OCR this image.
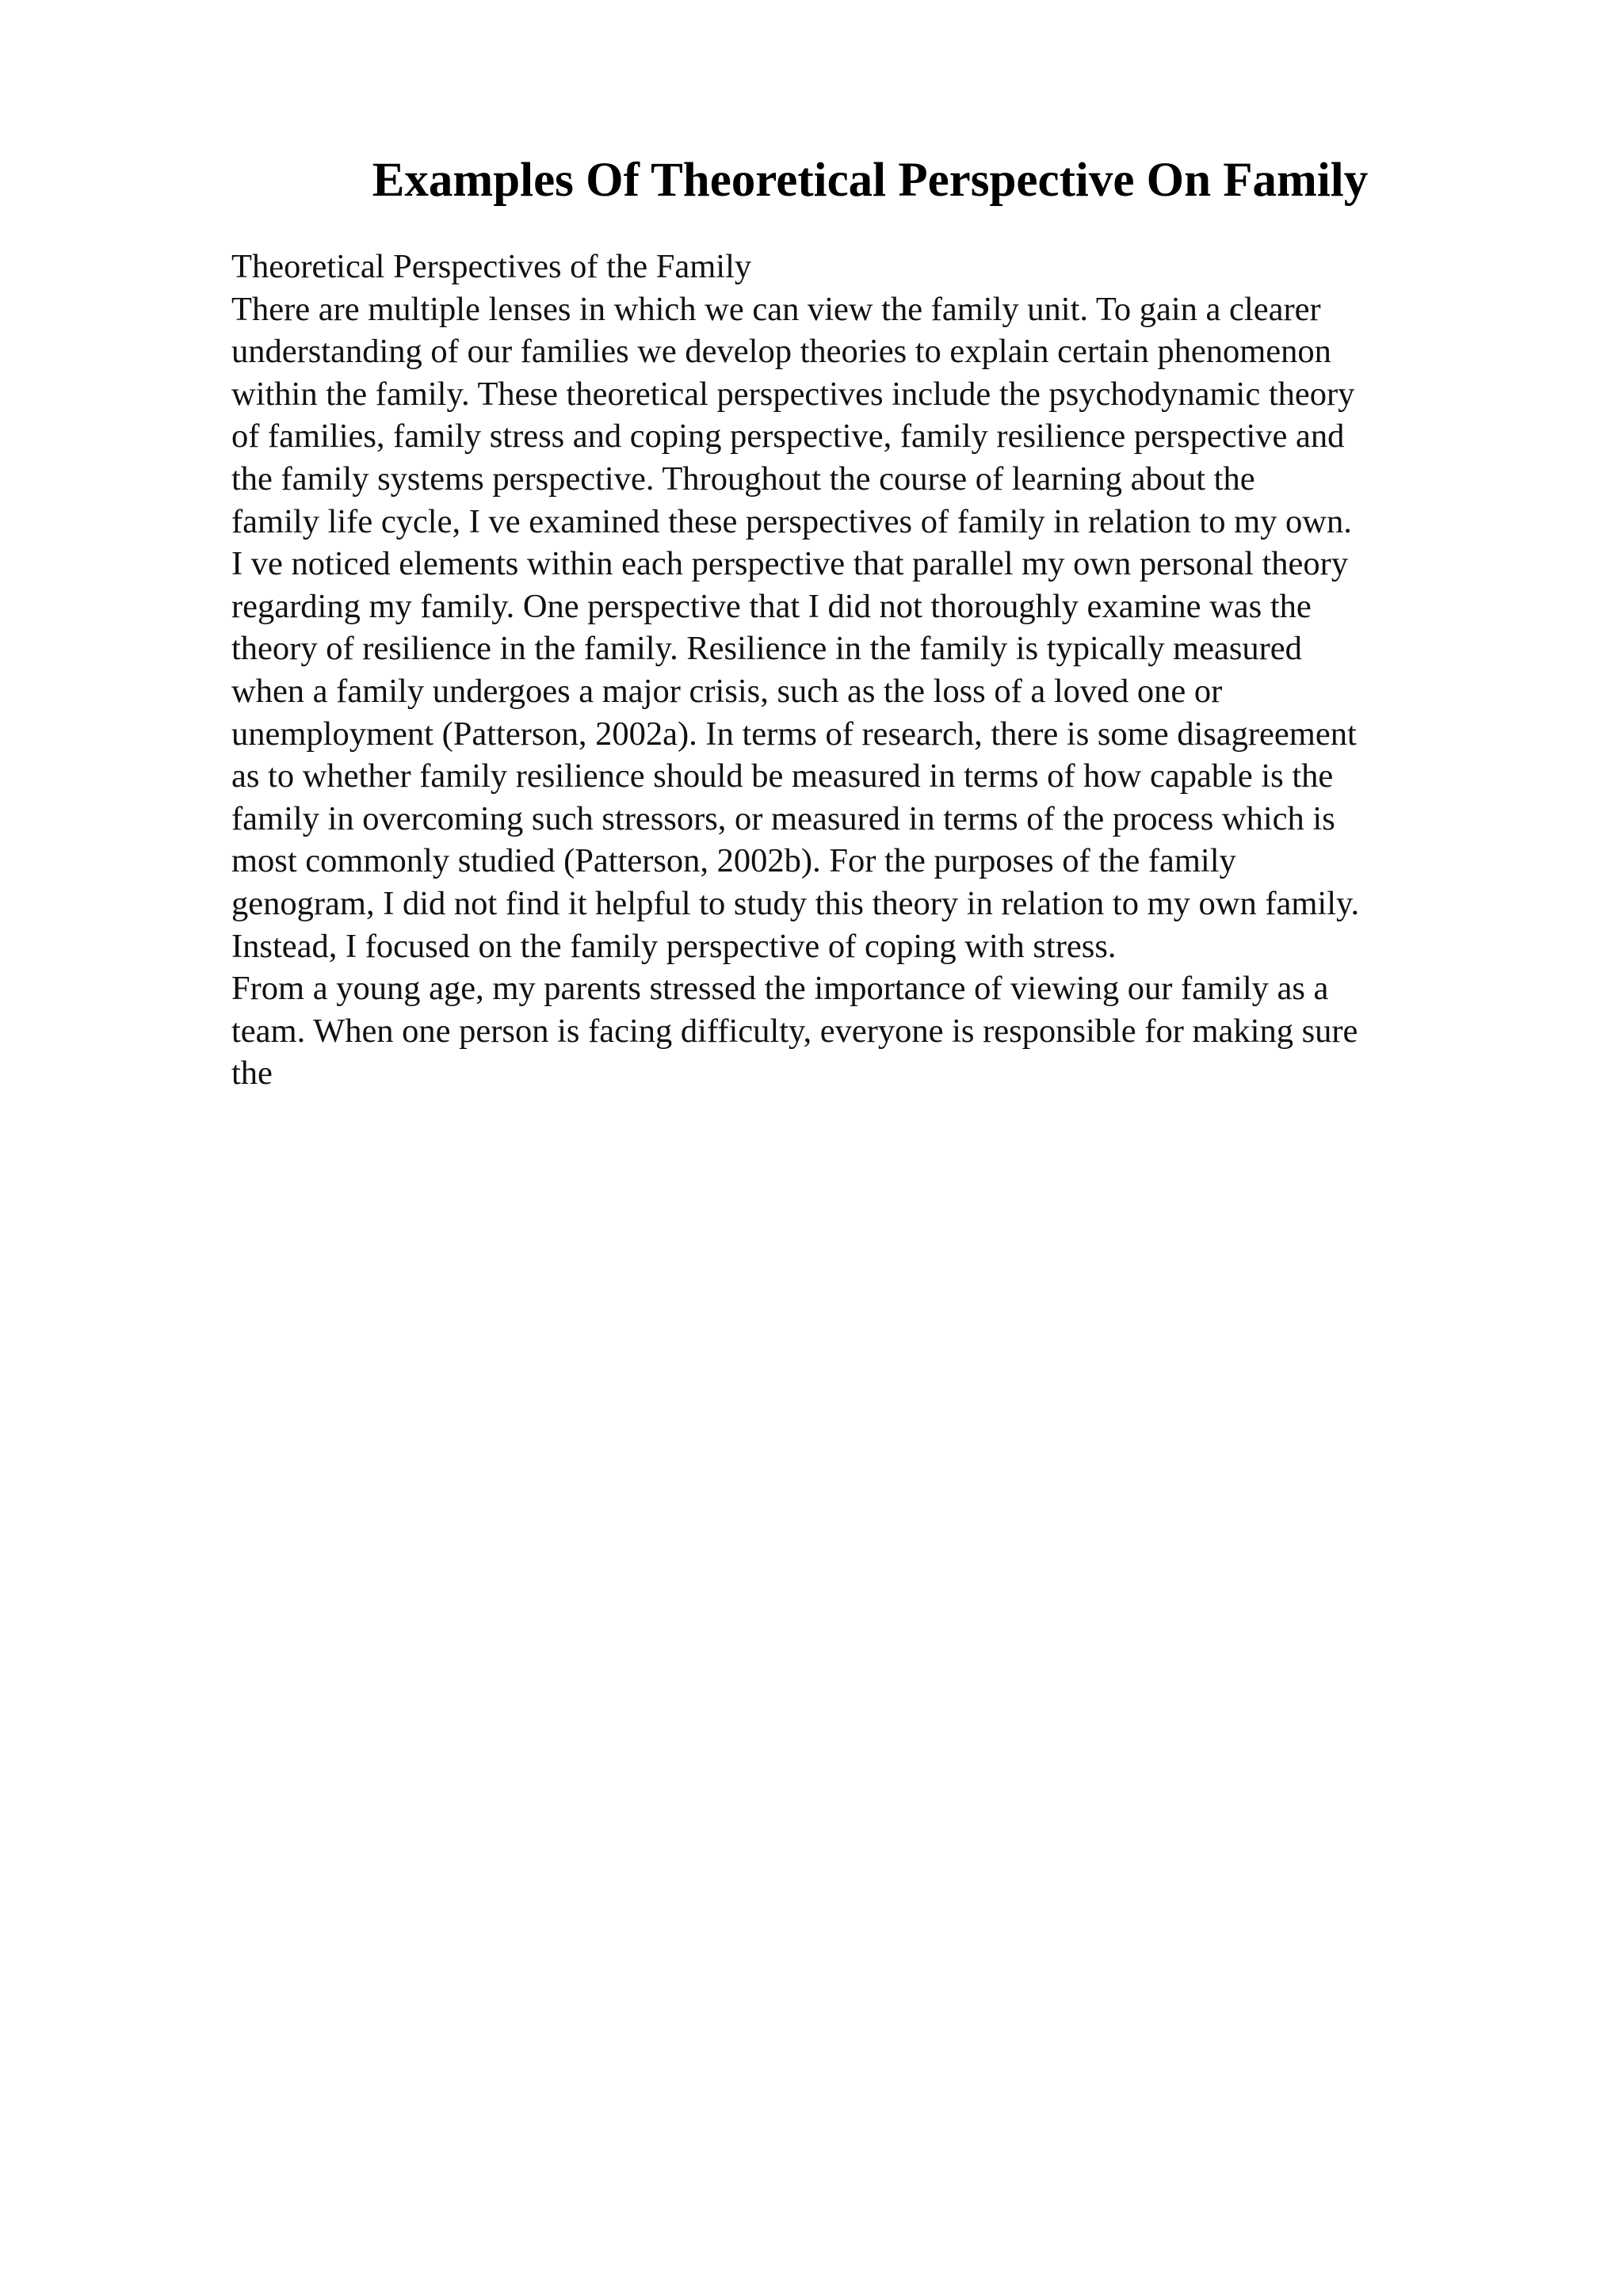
Examples Of Theoretical Perspective On Family
Theoretical Perspectives of the Family
There are multiple lenses in which we can view the family unit. To gain a clearer
understanding of our families we develop theories to explain certain phenomenon
within the family. These theoretical perspectives include the psychodynamic theory
of families, family stress and coping perspective, family resilience perspective and
the family systems perspective. Throughout the course of learning about the
family life cycle, I ve examined these perspectives of family in relation to my own.
I ve noticed elements within each perspective that parallel my own personal theory
regarding my family. One perspective that I did not thoroughly examine was the
theory of resilience in the family. Resilience in the family is typically measured
when a family undergoes a major crisis, such as the loss of a loved one or
unemployment (Patterson, 2002a). In terms of research, there is some disagreement
as to whether family resilience should be measured in terms of how capable is the
family in overcoming such stressors, or measured in terms of the process which is
most commonly studied (Patterson, 2002b). For the purposes of the family
genogram, I did not find it helpful to study this theory in relation to my own family.
Instead, I focused on the family perspective of coping with stress.
From a young age, my parents stressed the importance of viewing our family as a
team. When one person is facing difficulty, everyone is responsible for making sure
the
